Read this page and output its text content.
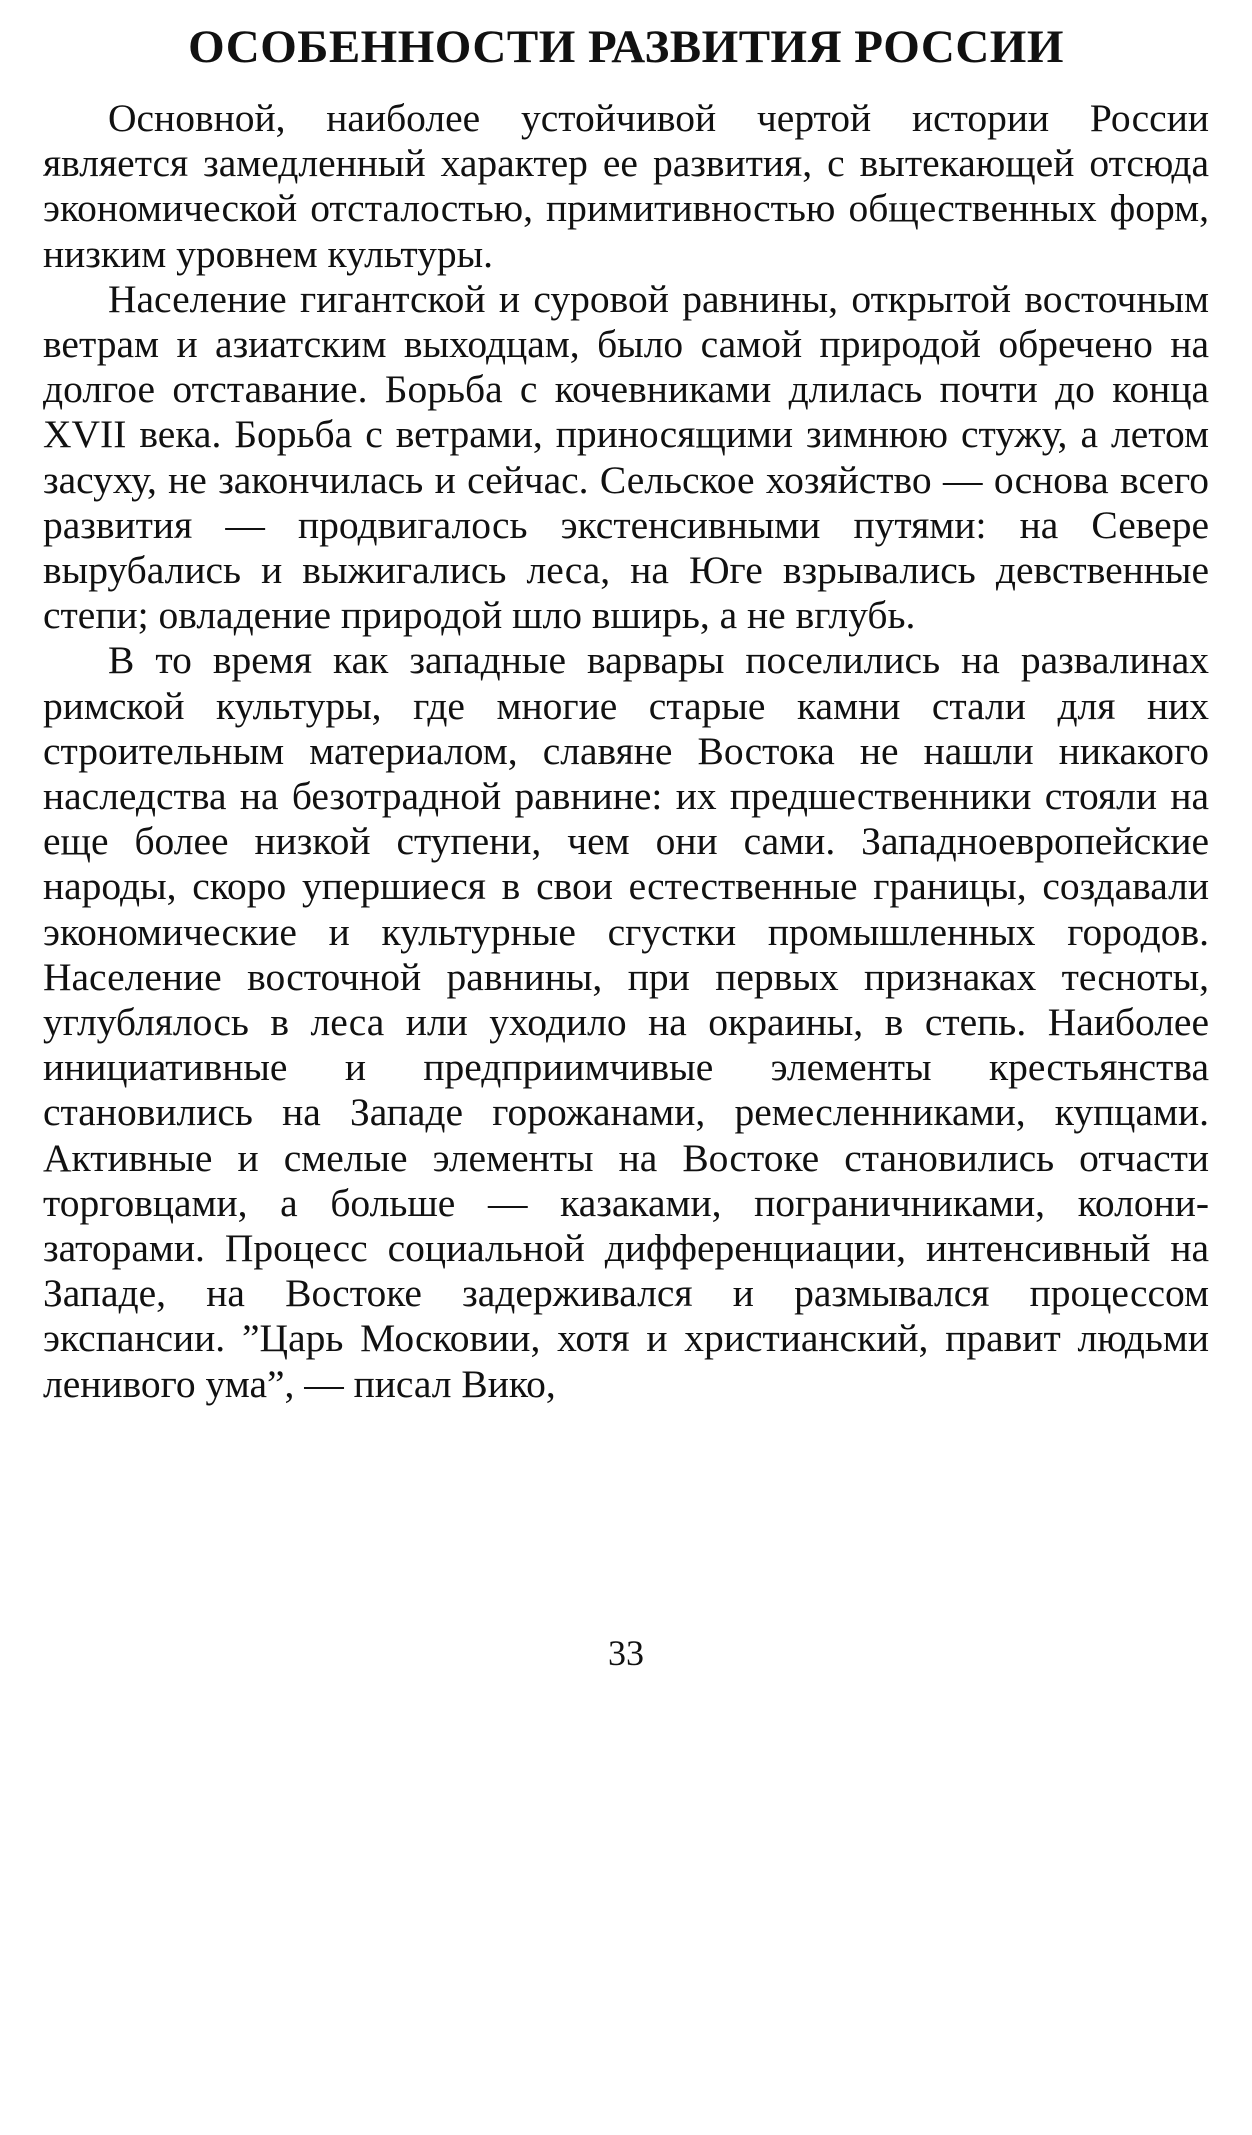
ОСОБЕННОСТИ РАЗВИТИЯ РОССИИ

Основной, наиболее устойчивой чертой истории России является замедленный характер ее развития, с вытекающей отсюда экономической отсталостью, примитивностью общественных форм, низким уровнем культуры.

Население гигантской и суровой равнины, открытой восточным ветрам и азиатским выходцам, было самой природой обречено на долгое отставание. Борьба с кочевниками длилась почти до конца XVII века. Борьба с ветрами, приносящими зимнюю стужу, а летом засуху, не закончилась и сейчас. Сельское хозяйство — основа всего развития — продвигалось экстенсивными путями: на Севере вырубались и выжигались леса, на Юге взрывались девственные степи; овладение природой шло вширь, а не вглубь.

В то время как западные варвары поселились на развалинах римской культуры, где многие старые камни стали для них строительным материалом, славяне Востока не нашли никакого наследства на безотрадной равнине: их предшественники стояли на еще более низкой ступени, чем они сами. Западноевропейские народы, скоро упершиеся в свои естественные границы, создавали экономические и культурные сгустки промышленных городов. Население восточной равнины, при первых признаках тесноты, углублялось в леса или уходило на окраины, в степь. Наиболее инициативные и предприимчивые элементы крестьянства становились на Западе горожанами, ремесленниками, купцами. Активные и смелые элементы на Востоке становились отчасти торговцами, а больше — казаками, пограничниками, колонизаторами. Процесс социальной дифференциации, интенсивный на Западе, на Востоке задерживался и размывался процессом экспансии. ”Царь Московии, хотя и христианский, правит людьми ленивого ума”, — писал Вико,

33
